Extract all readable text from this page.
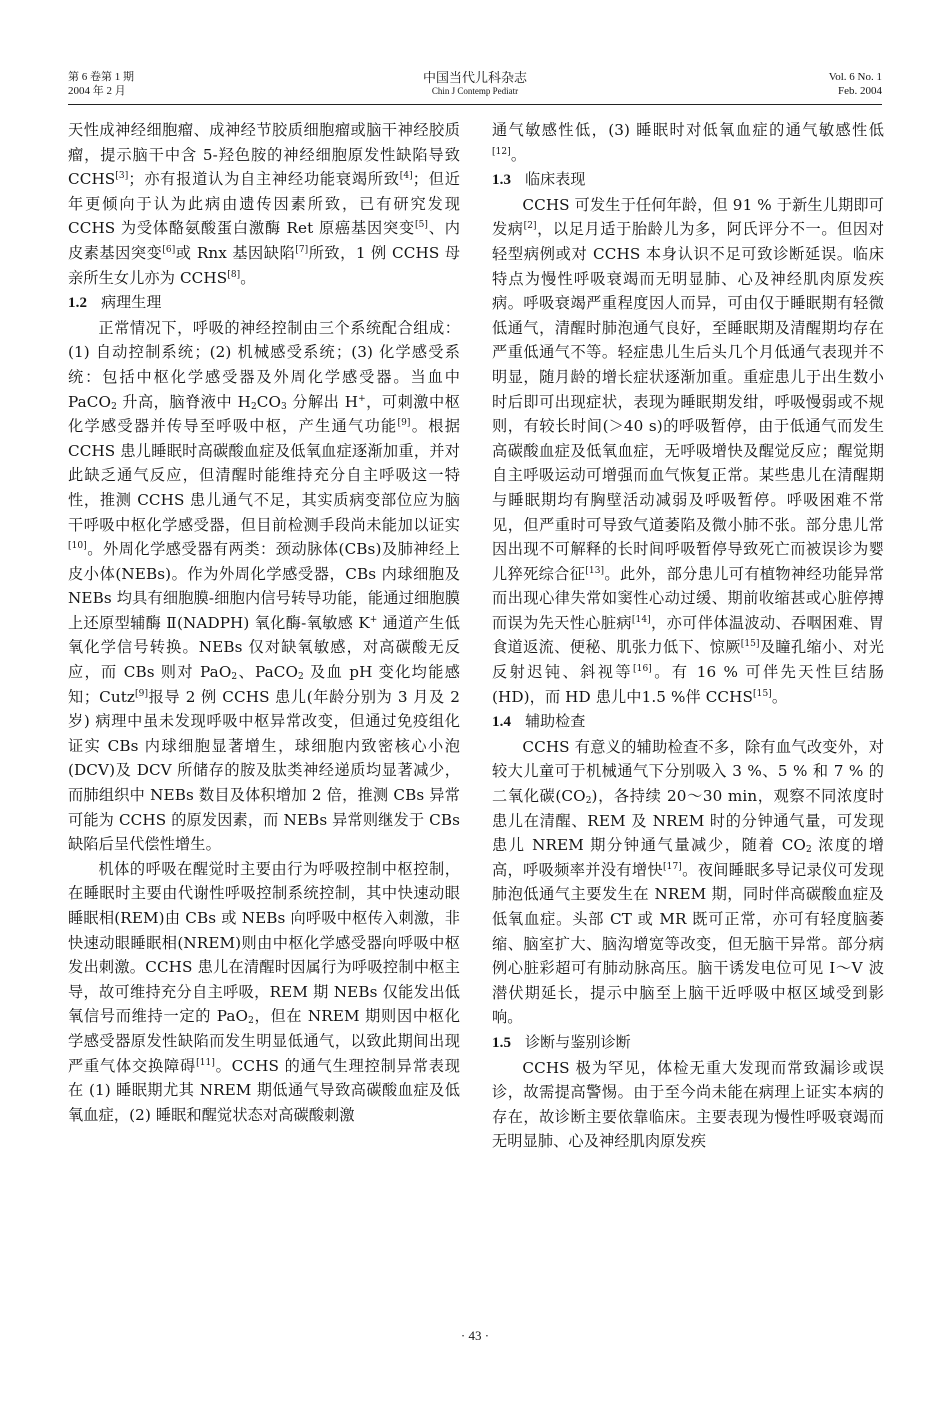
第 6 卷第 1 期
2004 年 2 月
中国当代儿科杂志
Chin J Contemp Pediatr
Vol. 6 No. 1
Feb. 2004

天性成神经细胞瘤、成神经节胶质细胞瘤或脑干神经胶质瘤，提示脑干中含 5-羟色胺的神经细胞原发性缺陷导致 CCHS[3]；亦有报道认为自主神经功能衰竭所致[4]；但近年更倾向于认为此病由遗传因素所致，已有研究发现 CCHS 为受体酪氨酸蛋白激酶 Ret 原癌基因突变[5]、内皮素基因突变[6]或 Rnx 基因缺陷[7]所致，1 例 CCHS 母亲所生女儿亦为 CCHS[8]。

1.2 病理生理

正常情况下，呼吸的神经控制由三个系统配合组成：(1) 自动控制系统；(2) 机械感受系统；(3) 化学感受系统：包括中枢化学感受器及外周化学感受器。当血中 PaCO$_2$ 升高，脑脊液中 $H_2CO_3$ 分解出 H+，可刺激中枢化学感受器并传导至呼吸中枢，产生通气功能[9]。根据 CCHS 患儿睡眠时高碳酸血症及低氧血症逐渐加重，并对此缺乏通气反应，但清醒时能维持充分自主呼吸这一特性，推测 CCHS 患儿通气不足，其实质病变部位应为脑干呼吸中枢化学感受器，但目前检测手段尚未能加以证实[10]。外周化学感受器有两类：颈动脉体(CBs)及肺神经上皮小体(NEBs)。作为外周化学感受器，CBs 内球细胞及 NEBs 均具有细胞膜-细胞内信号转导功能，能通过细胞膜上还原型辅酶 Ⅱ(NADPH) 氧化酶-氧敏感 K+ 通道产生低氧化学信号转换。NEBs 仅对缺氧敏感，对高碳酸无反应，而 CBs 则对 PaO$_2$、PaCO$_2$ 及血 pH 变化均能感知；Cutz[9]报导 2 例 CCHS 患儿(年龄分别为 3 月及 2 岁) 病理中虽未发现呼吸中枢异常改变，但通过免疫组化证实 CBs 内球细胞显著增生，球细胞内致密核心小泡(DCV)及 DCV 所储存的胺及肽类神经递质均显著减少，而肺组织中 NEBs 数目及体积增加 2 倍，推测 CBs 异常可能为 CCHS 的原发因素，而 NEBs 异常则继发于 CBs 缺陷后呈代偿性增生。

机体的呼吸在醒觉时主要由行为呼吸控制中枢控制，在睡眠时主要由代谢性呼吸控制系统控制，其中快速动眼睡眠相(REM)由 CBs 或 NEBs 向呼吸中枢传入刺激，非快速动眼睡眠相(NREM)则由中枢化学感受器向呼吸中枢发出刺激。CCHS 患儿在清醒时因属行为呼吸控制中枢主导，故可维持充分自主呼吸，REM 期 NEBs 仅能发出低氧信号而维持一定的 PaO$_2$，但在 NREM 期则因中枢化学感受器原发性缺陷而发生明显低通气，以致此期间出现严重气体交换障碍[11]。CCHS 的通气生理控制异常表现在 (1) 睡眠期尤其 NREM 期低通气导致高碳酸血症及低氧血症，(2) 睡眠和醒觉状态对高碳酸刺激

通气敏感性低，(3) 睡眠时对低氧血症的通气敏感性低[12]。

1.3 临床表现

CCHS 可发生于任何年龄，但 91 % 于新生儿期即可发病[2]，以足月适于胎龄儿为多，阿氏评分不一。但因对轻型病例或对 CCHS 本身认识不足可致诊断延误。临床特点为慢性呼吸衰竭而无明显肺、心及神经肌肉原发疾病。呼吸衰竭严重程度因人而异，可由仅于睡眠期有轻微低通气，清醒时肺泡通气良好，至睡眠期及清醒期均存在严重低通气不等。轻症患儿生后头几个月低通气表现并不明显，随月龄的增长症状逐渐加重。重症患儿于出生数小时后即可出现症状，表现为睡眠期发绀，呼吸慢弱或不规则，有较长时间(＞40 s)的呼吸暂停，由于低通气而发生高碳酸血症及低氧血症，无呼吸增快及醒觉反应；醒觉期自主呼吸运动可增强而血气恢复正常。某些患儿在清醒期与睡眠期均有胸壁活动减弱及呼吸暂停。呼吸困难不常见，但严重时可导致气道萎陷及微小肺不张。部分患儿常因出现不可解释的长时间呼吸暂停导致死亡而被误诊为婴儿猝死综合征[13]。此外，部分患儿可有植物神经功能异常而出现心律失常如窦性心动过缓、期前收缩甚或心脏停搏而误为先天性心脏病[14]，亦可伴体温波动、吞咽困难、胃食道返流、便秘、肌张力低下、惊厥[15]及瞳孔缩小、对光反射迟钝、斜视等[16]。有 16 % 可伴先天性巨结肠(HD)，而 HD 患儿中1.5 %伴 CCHS[15]。

1.4 辅助检查

CCHS 有意义的辅助检查不多，除有血气改变外，对较大儿童可于机械通气下分别吸入 3 %、5 % 和 7 % 的二氧化碳$(CO_2)$，各持续 20～30 min，观察不同浓度时患儿在清醒、REM 及 NREM 时的分钟通气量，可发现患儿 NREM 期分钟通气量减少，随着 $CO_2$ 浓度的增高，呼吸频率并没有增快[17]。夜间睡眠多导记录仪可发现肺泡低通气主要发生在 NREM 期，同时伴高碳酸血症及低氧血症。头部 CT 或 MR 既可正常，亦可有轻度脑萎缩、脑室扩大、脑沟增宽等改变，但无脑干异常。部分病例心脏彩超可有肺动脉高压。脑干诱发电位可见 Ⅰ～Ⅴ 波潜伏期延长，提示中脑至上脑干近呼吸中枢区域受到影响。

1.5 诊断与鉴别诊断

CCHS 极为罕见，体检无重大发现而常致漏诊或误诊，故需提高警惕。由于至今尚未能在病理上证实本病的存在，故诊断主要依靠临床。主要表现为慢性呼吸衰竭而无明显肺、心及神经肌肉原发疾

· 43 ·
